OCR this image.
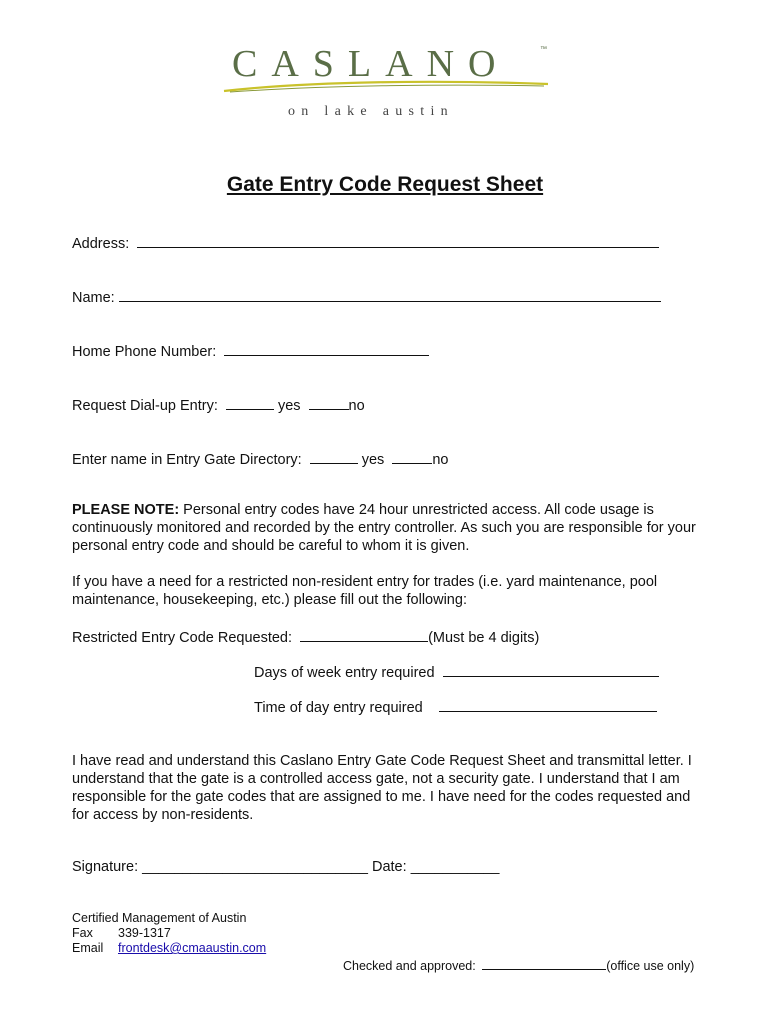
CASLANO	™
on lake austin
Gate Entry Code Request Sheet
Address:
Name:
Home Phone Number:
Request Dial-up Entry:	yes	no
Enter name in Entry Gate Directory:	yes	no
PLEASE NOTE: Personal entry codes have 24 hour unrestricted access. All code usage is continuously monitored and recorded by the entry controller. As such you are responsible for your personal entry code and should be careful to whom it is given.
If you have a need for a restricted non-resident entry for trades (i.e. yard maintenance, pool maintenance, housekeeping, etc.) please fill out the following:
Restricted Entry Code Requested:	(Must be 4 digits)
Days of week entry required
Time of day entry required
I have read and understand this Caslano Entry Gate Code Request Sheet and transmittal letter. I understand that the gate is a controlled access gate, not a security gate. I understand that I am responsible for the gate codes that are assigned to me. I have need for the codes requested and for access by non-residents.
Signature: ____________________________ Date: ___________
Certified Management of Austin
Fax 339-1317
Email frontdesk@cmaaustin.com
Checked and approved:	(office use only)
